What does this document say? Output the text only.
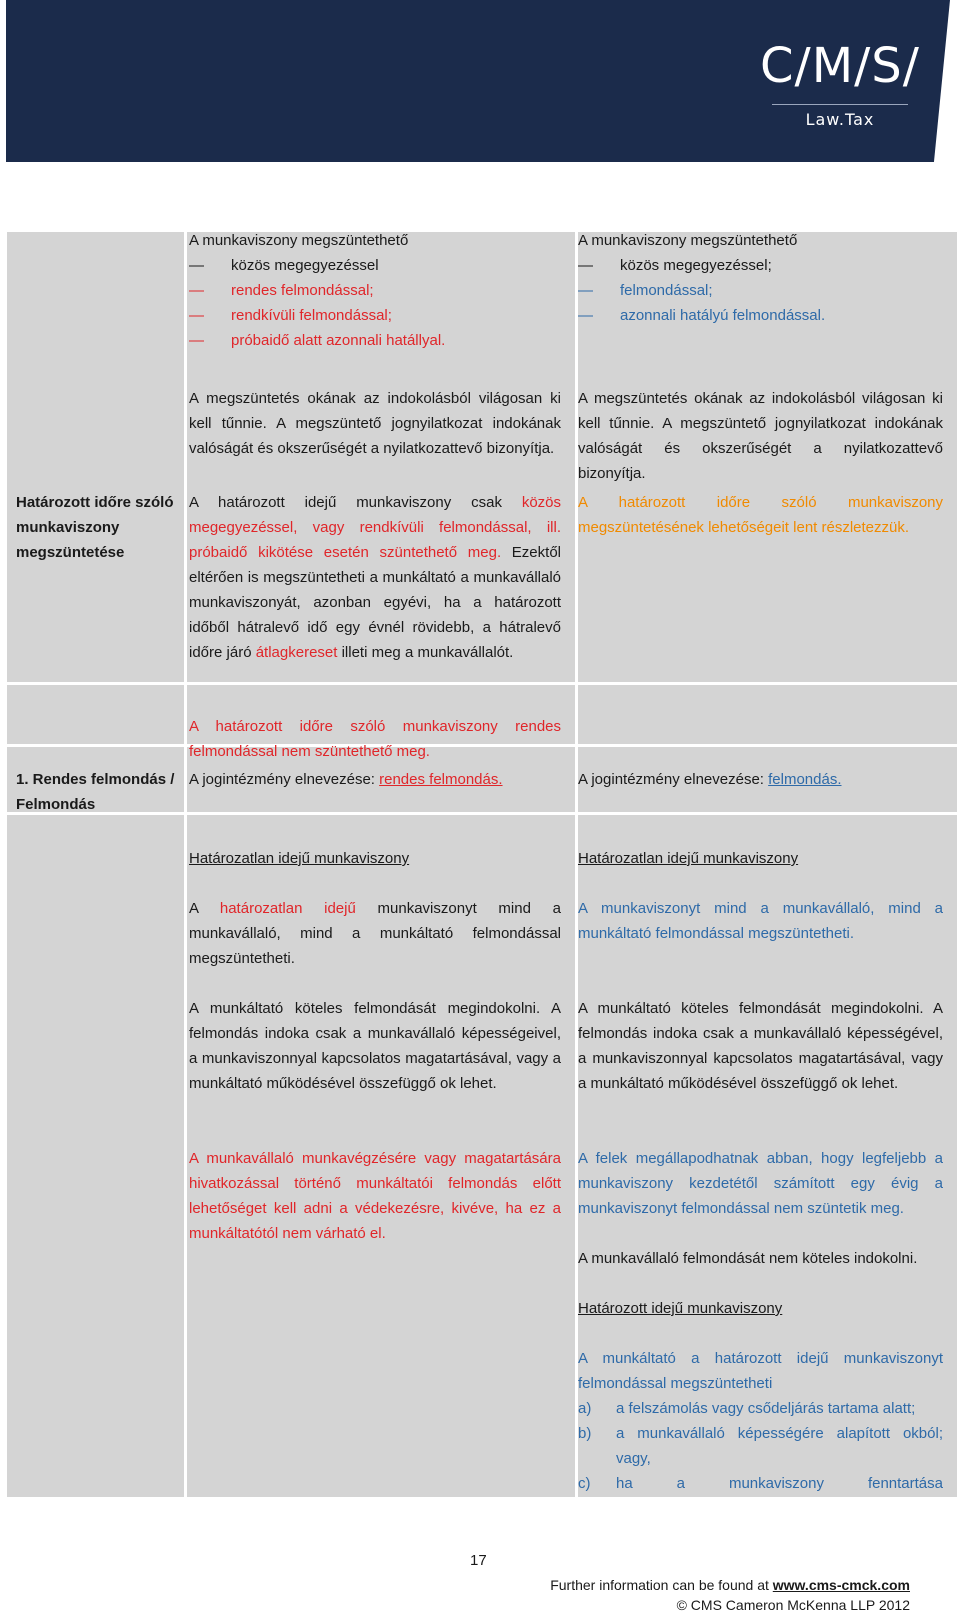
C/M/S/
Law.Tax

A munkaviszony megszüntethető

— közös megegyezéssel
— rendes felmondással;
— rendkívüli felmondással;
— próbaidő alatt azonnali hatállyal.

A munkaviszony megszüntethető

— közös megegyezéssel;
— felmondással;
— azonnali hatályú felmondással.

Határozott időre szóló munkaviszony megszüntetése

A megszüntetés okának az indokolásból világosan ki kell tűnnie. A megszüntető jognyilatkozat indokának valóságát és okszerűségét a nyilatkozattevő bizonyítja.

A határozott idejű munkaviszony csak közös megegyezéssel, vagy rendkívüli felmondással, ill. próbaidő kikötése esetén szüntethető meg. Ezektől eltérően is megszüntetheti a munkáltató a munkavállaló munkaviszonyát, azonban egyévi, ha a határozott időből hátralevő idő egy évnél rövidebb, a hátralevő időre járó átlagkereset illeti meg a munkavállalót.

A határozott időre szóló munkaviszony rendes felmondással nem szüntethető meg.

A megszüntetés okának az indokolásból világosan ki kell tűnnie. A megszüntető jognyilatkozat indokának valóságát és okszerűségét a nyilatkozattevő bizonyítja.

A határozott időre szóló munkaviszony megszüntetésének lehetőségeit lent részletezzük.

1. Rendes felmondás / Felmondás

A jogintézmény elnevezése: rendes felmondás.	A jogintézmény elnevezése: felmondás.

Határozatlan idejű munkaviszony

A határozatlan idejű munkaviszonyt mind a munkavállaló, mind a munkáltató felmondással megszüntetheti.

A munkáltató köteles felmondását megindokolni. A felmondás indoka csak a munkavállaló képességeivel, a munkaviszonnyal kapcsolatos magatartásával, vagy a munkáltató működésével összefüggő ok lehet.

A munkavállaló munkavégzésére vagy magatartására hivatkozással történő munkáltatói felmondás előtt lehetőséget kell adni a védekezésre, kivéve, ha ez a munkáltatótól nem várható el.

Határozatlan idejű munkaviszony

A munkaviszonyt mind a munkavállaló, mind a munkáltató felmondással megszüntetheti.

A munkáltató köteles felmondását megindokolni. A felmondás indoka csak a munkavállaló képességével, a munkaviszonnyal kapcsolatos magatartásával, vagy a munkáltató működésével összefüggő ok lehet.

A felek megállapodhatnak abban, hogy legfeljebb a munkaviszony kezdetétől számított egy évig a munkaviszonyt felmondással nem szüntetik meg.

A munkavállaló felmondását nem köteles indokolni.

Határozott idejű munkaviszony

A munkáltató a határozott idejű munkaviszonyt felmondással megszüntetheti

a) a felszámolás vagy csődeljárás tartama alatt;
b) a munkavállaló képességére alapított okból; vagy,
c) ha a munkaviszony fenntartása
17
Further information can be found at www.cms-cmck.com
© CMS Cameron McKenna LLP 2012
